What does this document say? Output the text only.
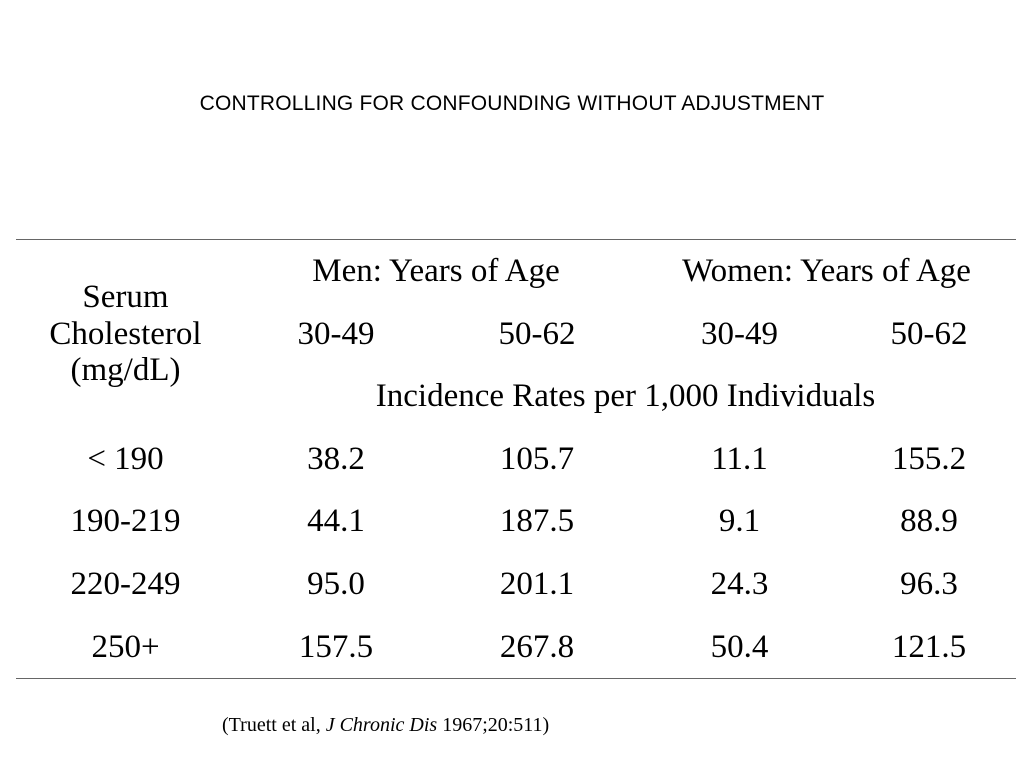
CONTROLLING FOR CONFOUNDING WITHOUT ADJUSTMENT
Serum
Cholesterol
(mg/dL)	Men: Years of Age		Women: Years of Age	
	30-49	50-62	30-49	50-62
	Incidence Rates per 1,000 Individuals			
< 190	38.2	105.7	11.1	155.2
190-219	44.1	187.5	9.1	88.9
220-249	95.0	201.1	24.3	96.3
250+	157.5	267.8	50.4	121.5
(Truett et al, J Chronic Dis 1967;20:511)
